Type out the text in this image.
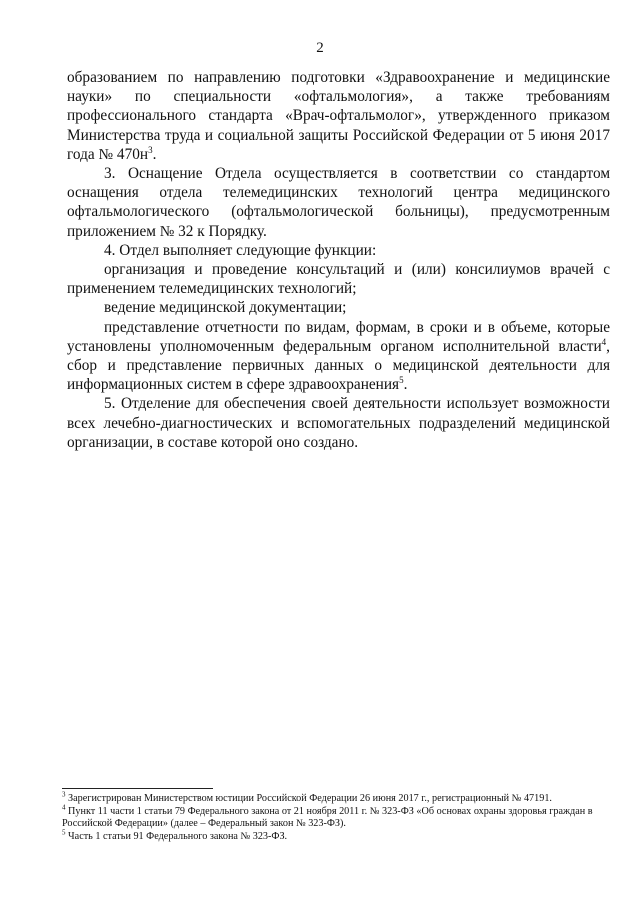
2

образованием по направлению подготовки «Здравоохранение и медицинские науки» по специальности «офтальмология», а также требованиям профессионального стандарта «Врач-офтальмолог», утвержденного приказом Министерства труда и социальной защиты Российской Федерации от 5 июня 2017 года № $470н^3$.

3. Оснащение Отдела осуществляется в соответствии со стандартом оснащения отдела телемедицинских технологий центра медицинского офтальмологического (офтальмологической больницы), предусмотренным приложением № 32 к Порядку.

4. Отдел выполняет следующие функции:

организация и проведение консультаций и (или) консилиумов врачей с применением телемедицинских технологий;

ведение медицинской документации;

представление отчетности по видам, формам, в сроки и в объеме, которые установлены уполномоченным федеральным органом исполнительной власти$^4$, сбор и представление первичных данных о медицинской деятельности для информационных систем в сфере здравоохранения$^5$.

5. Отделение для обеспечения своей деятельности использует возможности всех лечебно-диагностических и вспомогательных подразделений медицинской организации, в составе которой оно создано.

$^3$ Зарегистрирован Министерством юстиции Российской Федерации 26 июня 2017 г., регистрационный № 47191.

$^4$ Пункт 11 части 1 статьи 79 Федерального закона от 21 ноября 2011 г. № 323-ФЗ «Об основах охраны здоровья граждан в Российской Федерации» (далее – Федеральный закон № 323-ФЗ).

$^5$ Часть 1 статьи 91 Федерального закона № 323-ФЗ.
